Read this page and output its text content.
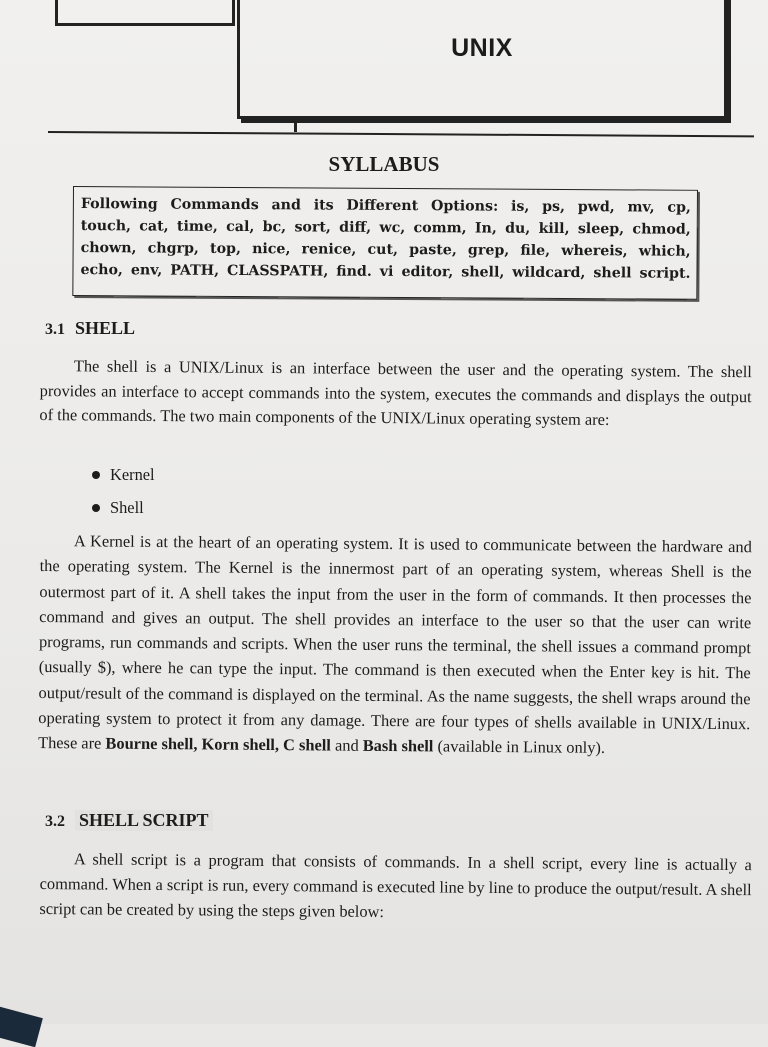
UNIX
SYLLABUS
Following Commands and its Different Options: is, ps, pwd, mv, cp,
touch, cat, time, cal, bc, sort, diff, wc, comm, In, du, kill, sleep, chmod,
chown, chgrp, top, nice, renice, cut, paste, grep, file, whereis, which,
echo, env, PATH, CLASSPATH, find. vi editor, shell, wildcard, shell script.
3.1 SHELL
The shell is a UNIX/Linux is an interface between the user and the operating system. The shell provides an interface to accept commands into the system, executes the commands and displays the output of the commands. The two main components of the UNIX/Linux operating system are:
Kernel
Shell
A Kernel is at the heart of an operating system. It is used to communicate between the hardware and the operating system. The Kernel is the innermost part of an operating system, whereas Shell is the outermost part of it. A shell takes the input from the user in the form of commands. It then processes the command and gives an output. The shell provides an interface to the user so that the user can write programs, run commands and scripts. When the user runs the terminal, the shell issues a command prompt (usually $), where he can type the input. The command is then executed when the Enter key is hit. The output/result of the command is displayed on the terminal. As the name suggests, the shell wraps around the operating system to protect it from any damage. There are four types of shells available in UNIX/Linux. These are Bourne shell, Korn shell, C shell and Bash shell (available in Linux only).
3.2 SHELL SCRIPT
A shell script is a program that consists of commands. In a shell script, every line is actually a command. When a script is run, every command is executed line by line to produce the output/result. A shell script can be created by using the steps given below:
